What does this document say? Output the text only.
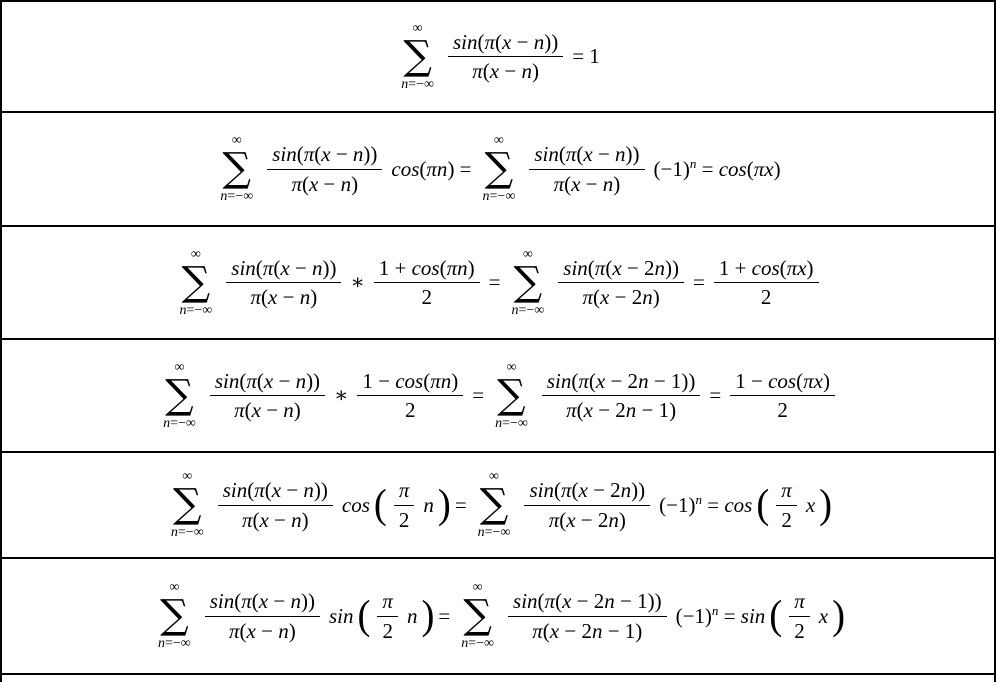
∞
∑
n=−∞
$\frac{\sin(\pi(x - n))}{\pi(x - n)} = 1$
∞
∑
n=−∞
$\frac{\sin(\pi(x - n))}{\pi(x - n)} \cos(\pi n)$ =
∞
∑
n=−∞
$\frac{\sin(\pi(x - n))}{\pi(x - n)} (-1)^n = \cos(\pi x)$
∞
∑
n=−∞
$\frac{\sin(\pi(x - n))}{\pi(x - n)}$ ∗ $\frac{1 + \cos(\pi n)}{2}$ =
∞
∑
n=−∞
$\frac{\sin(\pi(x - 2n))}{\pi(x - 2n)} = \frac{1 + \cos(\pi x)}{2}$
∞
∑
n=−∞
$\frac{\sin(\pi(x - n))}{\pi(x - n)}$ ∗ $\frac{1 - \cos(\pi n)}{2}$ =
∞
∑
n=−∞
$\frac{\sin(\pi(x - 2n - 1))}{\pi(x - 2n - 1)} = \frac{1 - \cos(\pi x)}{2}$
∞
∑
n=−∞
$\frac{\sin(\pi(x - n))}{\pi(x - n)}$ cos ( $\frac{\pi}{2}$ n ) =
∞
∑
n=−∞
$\frac{\sin(\pi(x - 2n))}{\pi(x - 2n)} (-1)^n = \cos$ ( $\frac{\pi}{2}$ x )
∞
∑
n=−∞
$\frac{\sin(\pi(x - n))}{\pi(x - n)}$ sin ( $\frac{\pi}{2}$ n ) =
∞
∑
n=−∞
$\frac{\sin(\pi(x - 2n - 1))}{\pi(x - 2n - 1)} (-1)^n = \sin$ ( $\frac{\pi}{2}$ x )
